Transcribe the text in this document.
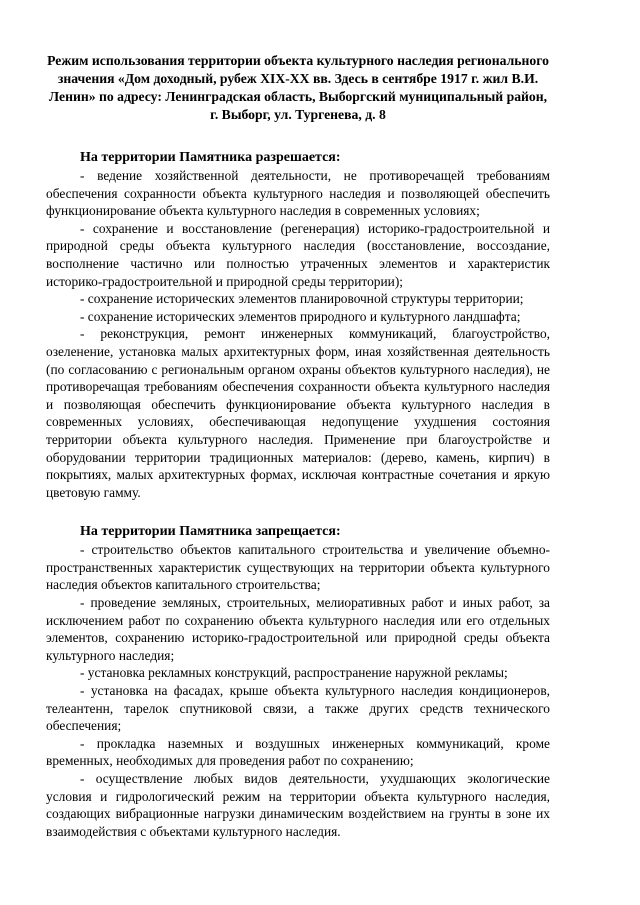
Режим использования территории объекта культурного наследия регионального значения «Дом доходный, рубеж XIX-XX вв. Здесь в сентябре 1917 г. жил В.И. Ленин» по адресу: Ленинградская область, Выборгский муниципальный район, г. Выборг, ул. Тургенева, д. 8

На территории Памятника разрешается:

- ведение хозяйственной деятельности, не противоречащей требованиям обеспечения сохранности объекта культурного наследия и позволяющей обеспечить функционирование объекта культурного наследия в современных условиях;

- сохранение и восстановление (регенерация) историко-градостроительной и природной среды объекта культурного наследия (восстановление, воссоздание, восполнение частично или полностью утраченных элементов и характеристик историко-градостроительной и природной среды территории);

- сохранение исторических элементов планировочной структуры территории;

- сохранение исторических элементов природного и культурного ландшафта;

- реконструкция, ремонт инженерных коммуникаций, благоустройство, озеленение, установка малых архитектурных форм, иная хозяйственная деятельность (по согласованию с региональным органом охраны объектов культурного наследия), не противоречащая требованиям обеспечения сохранности объекта культурного наследия и позволяющая обеспечить функционирование объекта культурного наследия в современных условиях, обеспечивающая недопущение ухудшения состояния территории объекта культурного наследия. Применение при благоустройстве и оборудовании территории традиционных материалов: (дерево, камень, кирпич) в покрытиях, малых архитектурных формах, исключая контрастные сочетания и яркую цветовую гамму.

На территории Памятника запрещается:

- строительство объектов капитального строительства и увеличение объемно-пространственных характеристик существующих на территории объекта культурного наследия объектов капитального строительства;

- проведение земляных, строительных, мелиоративных работ и иных работ, за исключением работ по сохранению объекта культурного наследия или его отдельных элементов, сохранению историко-градостроительной или природной среды объекта культурного наследия;

- установка рекламных конструкций, распространение наружной рекламы;

- установка на фасадах, крыше объекта культурного наследия кондиционеров, телеантенн, тарелок спутниковой связи, а также других средств технического обеспечения;

- прокладка наземных и воздушных инженерных коммуникаций, кроме временных, необходимых для проведения работ по сохранению;

- осуществление любых видов деятельности, ухудшающих экологические условия и гидрологический режим на территории объекта культурного наследия, создающих вибрационные нагрузки динамическим воздействием на грунты в зоне их взаимодействия с объектами культурного наследия.
